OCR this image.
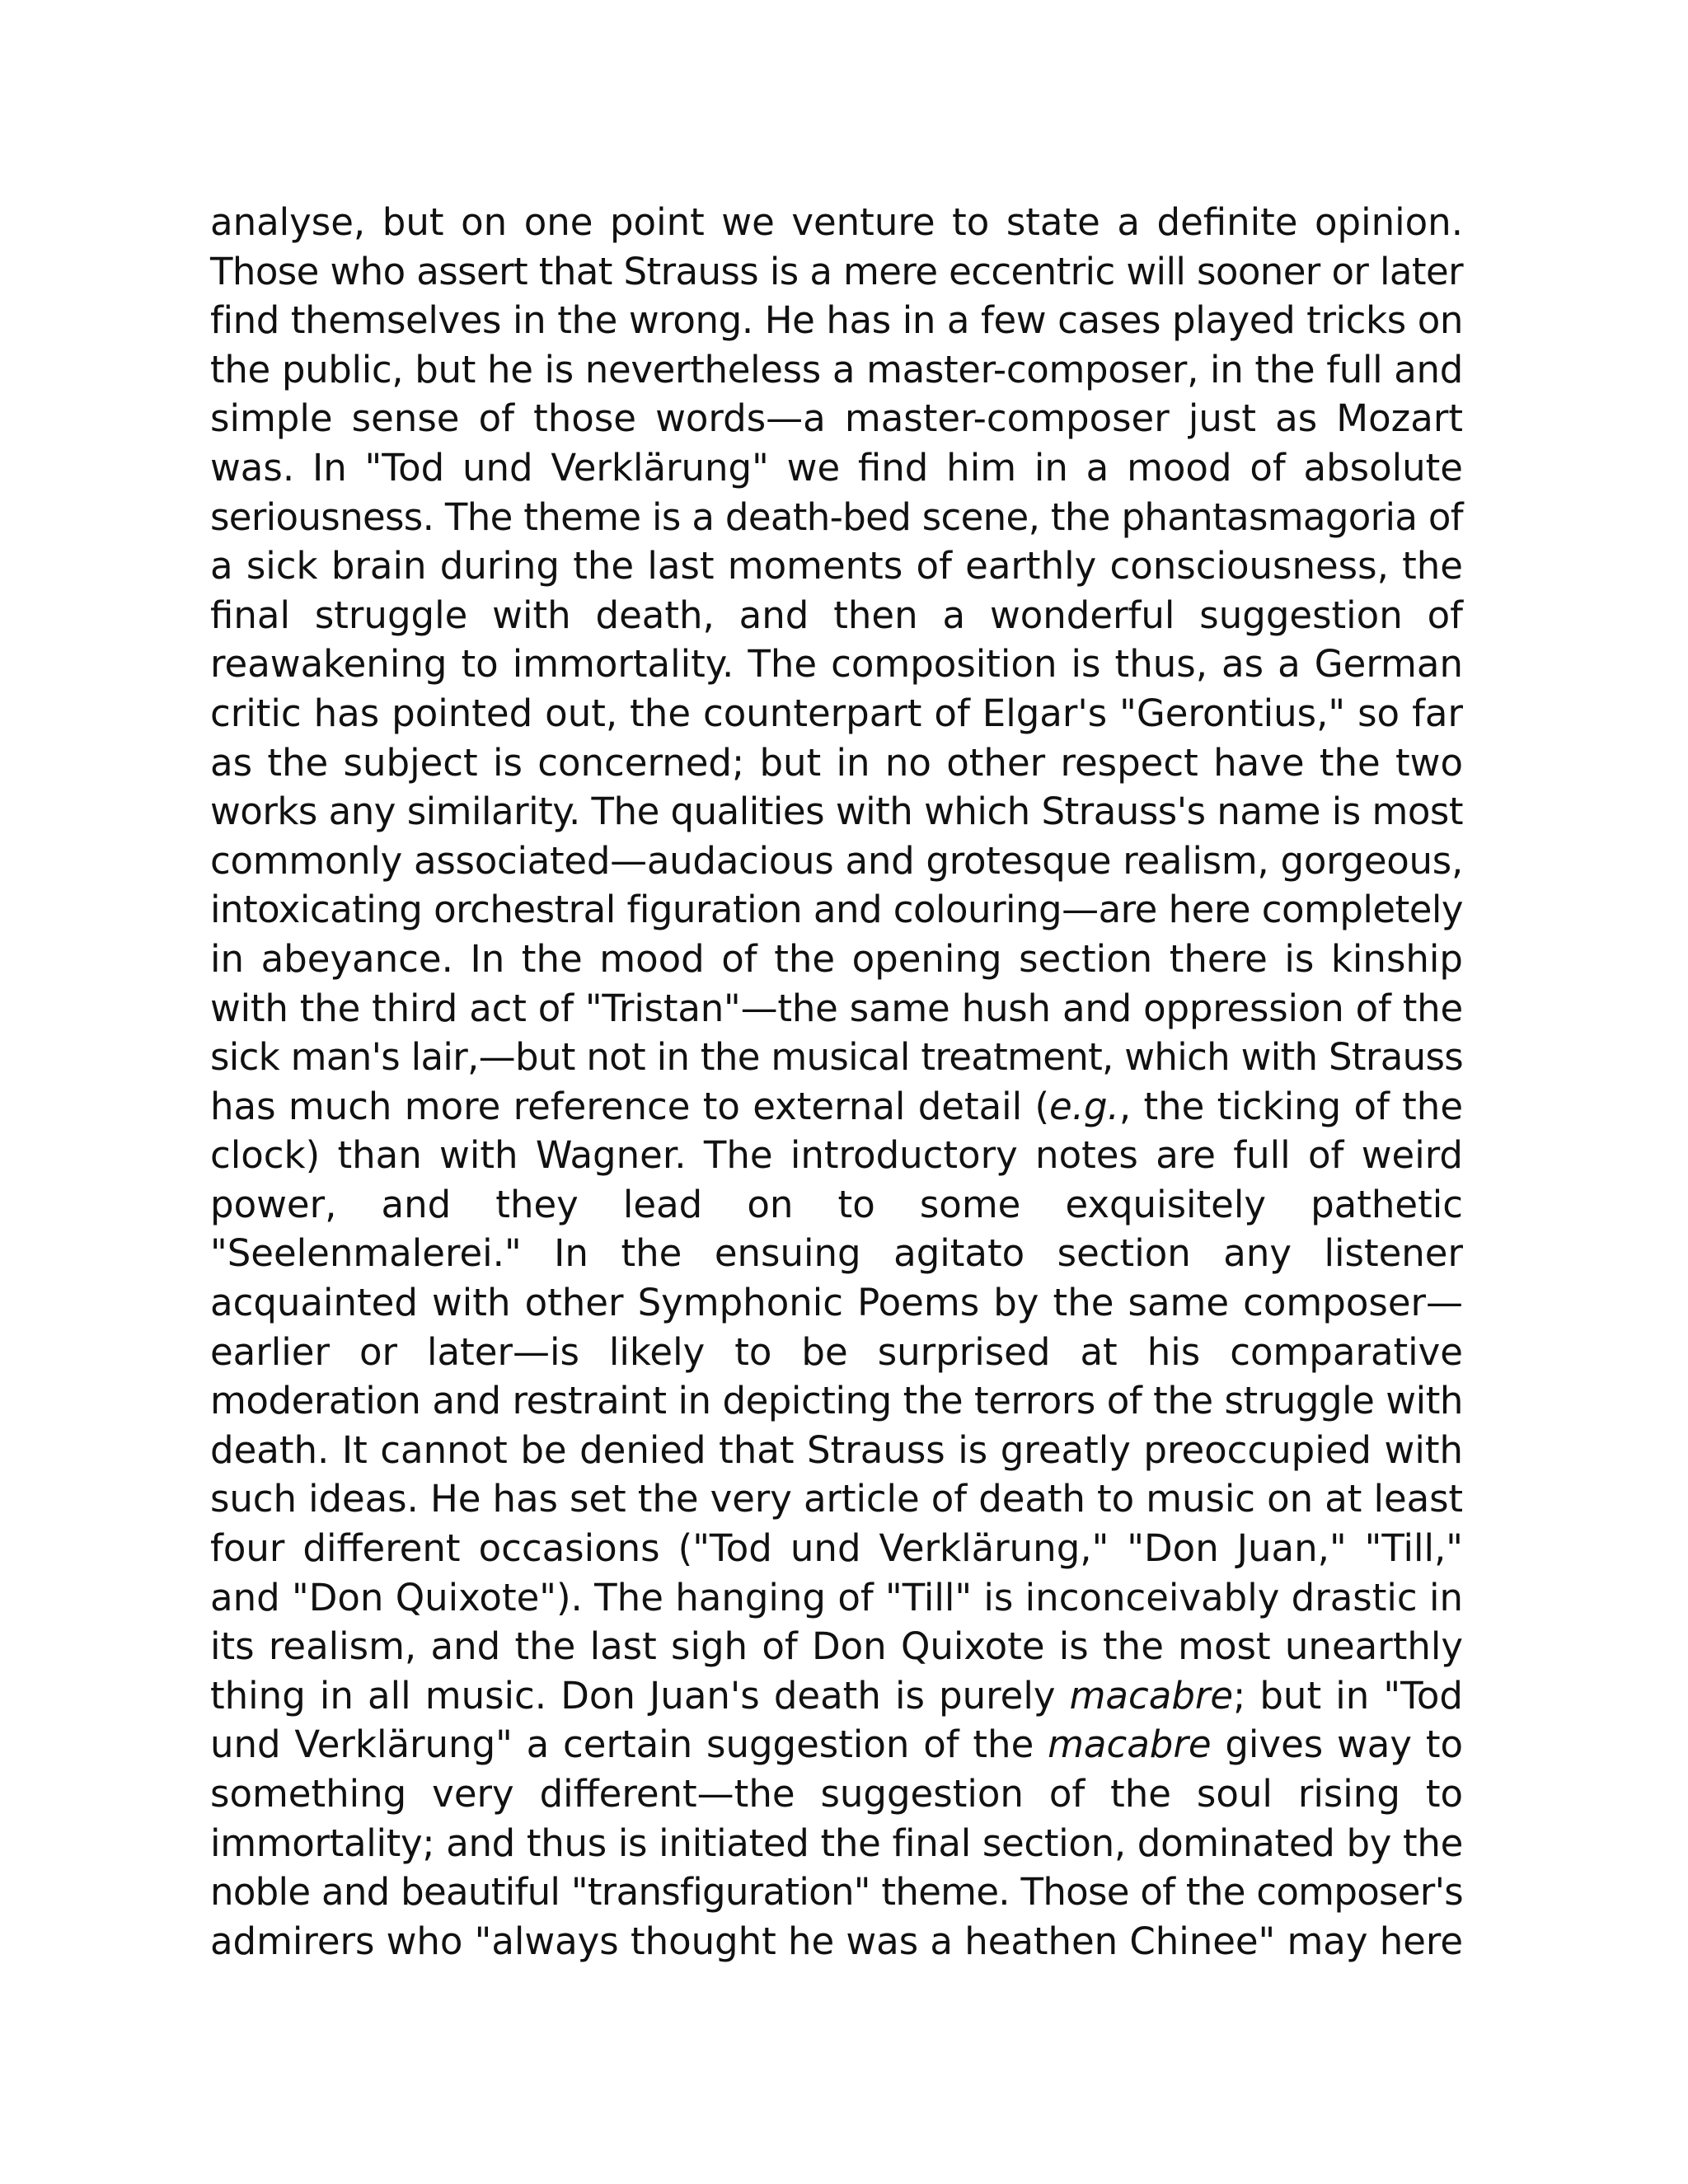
analyse, but on one point we venture to state a definite opinion.
Those who assert that Strauss is a mere eccentric will sooner or later
find themselves in the wrong. He has in a few cases played tricks on
the public, but he is nevertheless a master-composer, in the full and
simple sense of those words—a master-composer just as Mozart
was. In "Tod und Verklärung" we find him in a mood of absolute
seriousness. The theme is a death-bed scene, the phantasmagoria of
a sick brain during the last moments of earthly consciousness, the
final struggle with death, and then a wonderful suggestion of
reawakening to immortality. The composition is thus, as a German
critic has pointed out, the counterpart of Elgar's "Gerontius," so far
as the subject is concerned; but in no other respect have the two
works any similarity. The qualities with which Strauss's name is most
commonly associated—audacious and grotesque realism, gorgeous,
intoxicating orchestral figuration and colouring—are here completely
in abeyance. In the mood of the opening section there is kinship
with the third act of "Tristan"—the same hush and oppression of the
sick man's lair,—but not in the musical treatment, which with Strauss
has much more reference to external detail (e.g., the ticking of the
clock) than with Wagner. The introductory notes are full of weird
power, and they lead on to some exquisitely pathetic
"Seelenmalerei." In the ensuing agitato section any listener
acquainted with other Symphonic Poems by the same composer—
earlier or later—is likely to be surprised at his comparative
moderation and restraint in depicting the terrors of the struggle with
death. It cannot be denied that Strauss is greatly preoccupied with
such ideas. He has set the very article of death to music on at least
four different occasions ("Tod und Verklärung," "Don Juan," "Till,"
and "Don Quixote"). The hanging of "Till" is inconceivably drastic in
its realism, and the last sigh of Don Quixote is the most unearthly
thing in all music. Don Juan's death is purely macabre; but in "Tod
und Verklärung" a certain suggestion of the macabre gives way to
something very different—the suggestion of the soul rising to
immortality; and thus is initiated the final section, dominated by the
noble and beautiful "transfiguration" theme. Those of the composer's
admirers who "always thought he was a heathen Chinee" may here
